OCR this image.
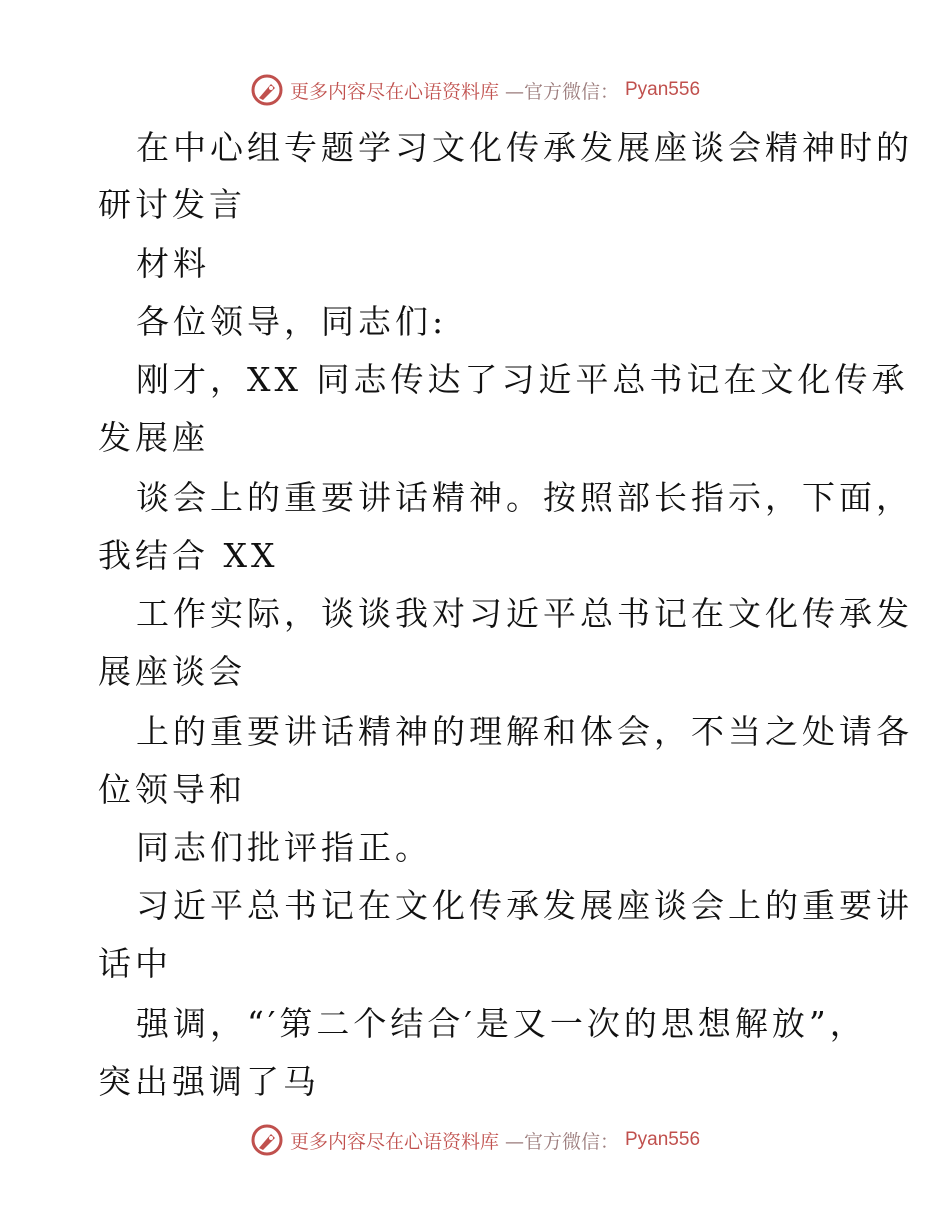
更多内容尽在心语资料库 —官方微信： Pyan556
在中心组专题学习文化传承发展座谈会精神时的
研讨发言
材料
各位领导，同志们:
刚才，XX 同志传达了习近平总书记在文化传承
发展座
谈会上的重要讲话精神。按照部长指示，下面，
我结合 XX
工作实际，谈谈我对习近平总书记在文化传承发
展座谈会
上的重要讲话精神的理解和体会，不当之处请各
位领导和
同志们批评指正。
习近平总书记在文化传承发展座谈会上的重要讲
话中
强调，“′第二个结合′是又一次的思想解放”，
突出强调了马
更多内容尽在心语资料库 —官方微信： Pyan556
